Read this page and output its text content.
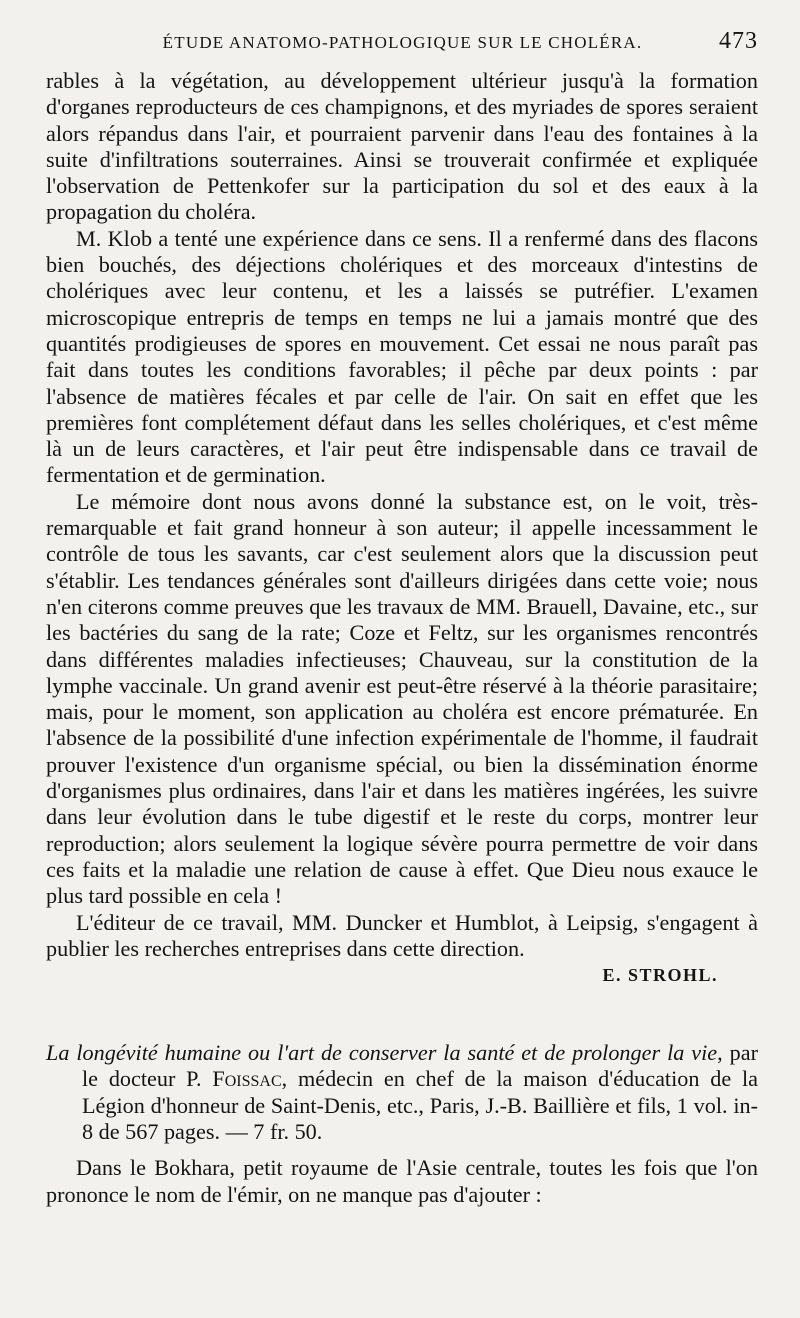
ÉTUDE ANATOMO-PATHOLOGIQUE SUR LE CHOLÉRA.	473

rables à la végétation, au développement ultérieur jusqu'à la formation d'organes reproducteurs de ces champignons, et des myriades de spores seraient alors répandus dans l'air, et pourraient parvenir dans l'eau des fontaines à la suite d'infiltrations souterraines. Ainsi se trouverait confirmée et expliquée l'observation de Pettenkofer sur la participation du sol et des eaux à la propagation du choléra.

M. Klob a tenté une expérience dans ce sens. Il a renfermé dans des flacons bien bouchés, des déjections cholériques et des morceaux d'intestins de cholériques avec leur contenu, et les a laissés se putréfier. L'examen microscopique entrepris de temps en temps ne lui a jamais montré que des quantités prodigieuses de spores en mouvement. Cet essai ne nous paraît pas fait dans toutes les conditions favorables; il pêche par deux points : par l'absence de matières fécales et par celle de l'air. On sait en effet que les premières font complétement défaut dans les selles cholériques, et c'est même là un de leurs caractères, et l'air peut être indispensable dans ce travail de fermentation et de germination.

Le mémoire dont nous avons donné la substance est, on le voit, très-remarquable et fait grand honneur à son auteur; il appelle incessamment le contrôle de tous les savants, car c'est seulement alors que la discussion peut s'établir. Les tendances générales sont d'ailleurs dirigées dans cette voie; nous n'en citerons comme preuves que les travaux de MM. Brauell, Davaine, etc., sur les bactéries du sang de la rate; Coze et Feltz, sur les organismes rencontrés dans différentes maladies infectieuses; Chauveau, sur la constitution de la lymphe vaccinale. Un grand avenir est peut-être réservé à la théorie parasitaire; mais, pour le moment, son application au choléra est encore prématurée. En l'absence de la possibilité d'une infection expérimentale de l'homme, il faudrait prouver l'existence d'un organisme spécial, ou bien la dissémination énorme d'organismes plus ordinaires, dans l'air et dans les matières ingérées, les suivre dans leur évolution dans le tube digestif et le reste du corps, montrer leur reproduction; alors seulement la logique sévère pourra permettre de voir dans ces faits et la maladie une relation de cause à effet. Que Dieu nous exauce le plus tard possible en cela !

L'éditeur de ce travail, MM. Duncker et Humblot, à Leipsig, s'engagent à publier les recherches entreprises dans cette direction.

E. STROHL.

La longévité humaine ou l'art de conserver la santé et de prolonger la vie, par le docteur P. Foissac, médecin en chef de la maison d'éducation de la Légion d'honneur de Saint-Denis, etc., Paris, J.-B. Baillière et fils, 1 vol. in-8 de 567 pages. — 7 fr. 50.

Dans le Bokhara, petit royaume de l'Asie centrale, toutes les fois que l'on prononce le nom de l'émir, on ne manque pas d'ajouter :
